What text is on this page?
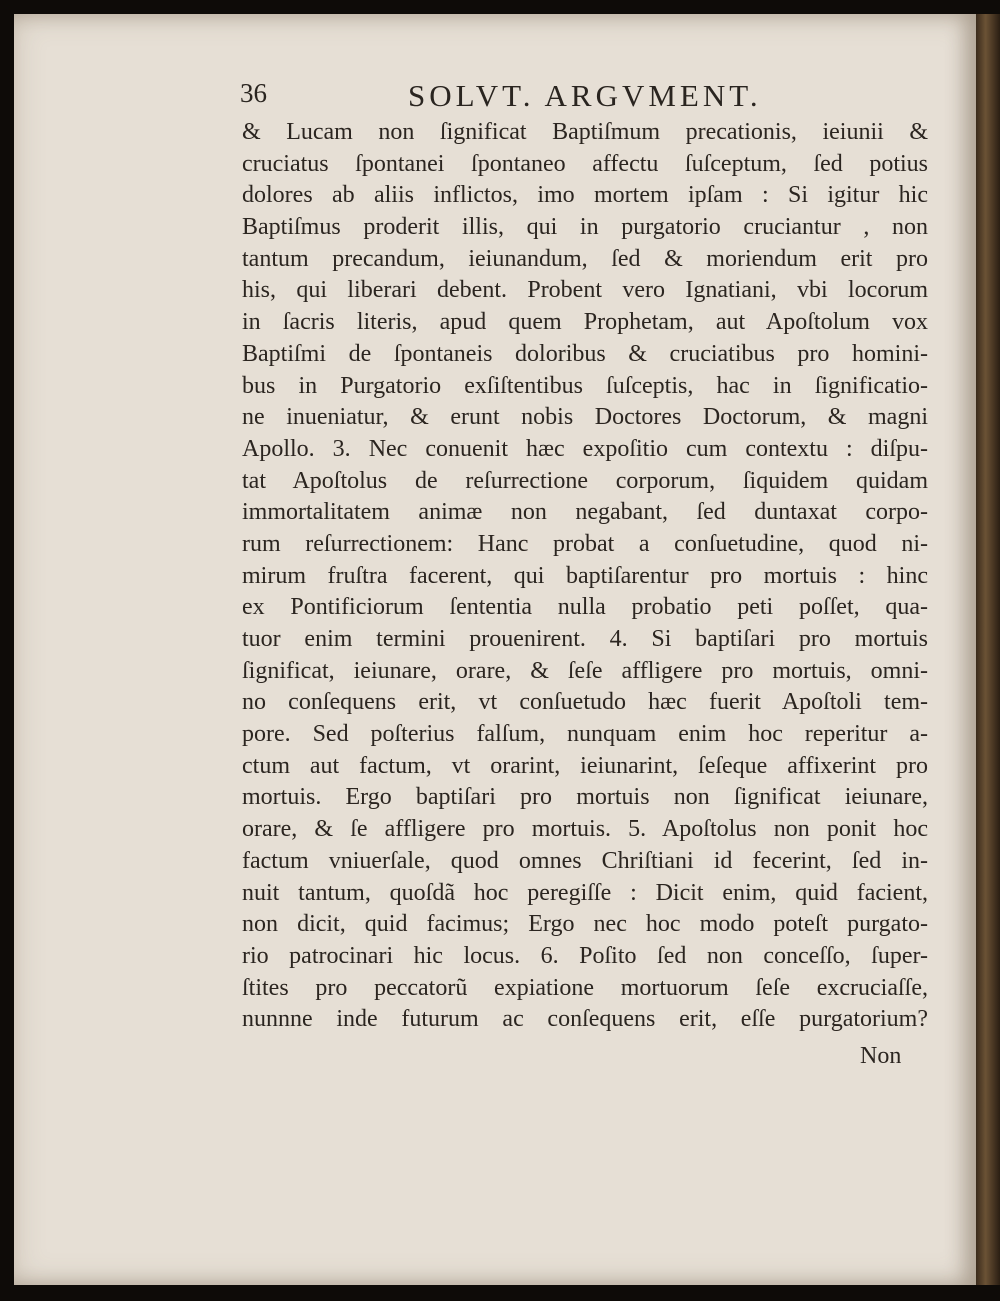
36	SOLVT. ARGVMENT.
& Lucam non ſignificat Baptiſmum precationis, ieiunii &
cruciatus ſpontanei ſpontaneo affectu ſuſceptum, ſed potius
dolores ab aliis inflictos, imo mortem ipſam : Si igitur hic
Baptiſmus proderit illis, qui in purgatorio cruciantur , non
tantum precandum, ieiunandum, ſed & moriendum erit pro
his, qui liberari debent. Probent vero Ignatiani, vbi locorum
in ſacris literis, apud quem Prophetam, aut Apoſtolum vox
Baptiſmi de ſpontaneis doloribus & cruciatibus pro homini-
bus in Purgatorio exſiſtentibus ſuſceptis, hac in ſignificatio-
ne inueniatur, & erunt nobis Doctores Doctorum, & magni
Apollo. 3. Nec conuenit hæc expoſitio cum contextu : diſpu-
tat Apoſtolus de reſurrectione corporum, ſiquidem quidam
immortalitatem animæ non negabant, ſed duntaxat corpo-
rum reſurrectionem: Hanc probat a conſuetudine, quod ni-
mirum fruſtra facerent, qui baptiſarentur pro mortuis : hinc
ex Pontificiorum ſententia nulla probatio peti poſſet, qua-
tuor enim termini prouenirent. 4. Si baptiſari pro mortuis
ſignificat, ieiunare, orare, & ſeſe affligere pro mortuis, omni-
no conſequens erit, vt conſuetudo hæc fuerit Apoſtoli tem-
pore. Sed poſterius falſum, nunquam enim hoc reperitur a-
ctum aut factum, vt orarint, ieiunarint, ſeſeque affixerint pro
mortuis. Ergo baptiſari pro mortuis non ſignificat ieiunare,
orare, & ſe affligere pro mortuis. 5. Apoſtolus non ponit hoc
factum vniuerſale, quod omnes Chriſtiani id fecerint, ſed in-
nuit tantum, quoſdã hoc peregiſſe : Dicit enim, quid facient,
non dicit, quid facimus; Ergo nec hoc modo poteſt purgato-
rio patrocinari hic locus. 6. Poſito ſed non conceſſo, ſuper-
ſtites pro peccatorũ expiatione mortuorum ſeſe excruciaſſe,
nunnne inde futurum ac conſequens erit, eſſe purgatorium?
Non
